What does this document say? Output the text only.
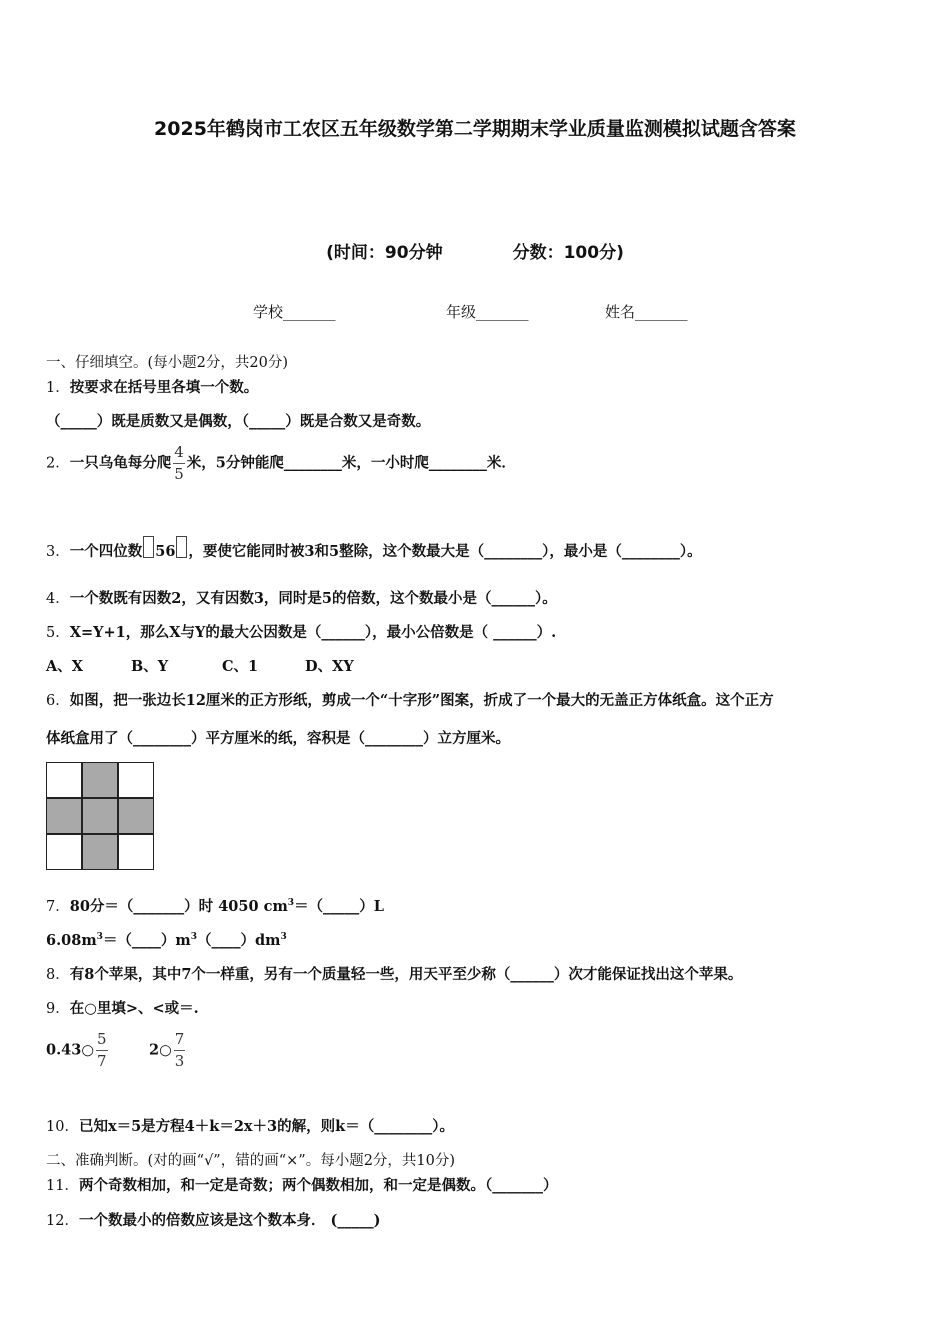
2025年鹤岗市工农区五年级数学第二学期期末学业质量监测模拟试题含答案
(时间：90分钟	分数：100分)
学校_______	年级_______	姓名_______
一、仔细填空。(每小题2分，共20分)
1．按要求在括号里各填一个数。
（_____）既是质数又是偶数，（_____）既是合数又是奇数。
2．一只乌龟每分爬 $\frac{4}{5}$ 米，5分钟能爬________米，一小时爬________米．
3．一个四位数 56 ，要使它能同时被3和5整除，这个数最大是（________），最小是（________）。
4．一个数既有因数2，又有因数3，同时是5的倍数，这个数最小是（______）。
5．X=Y+1，那么X与Y的最大公因数是（______），最小公倍数是（ ______）.
A、X	B、Y	C、1	D、XY
6．如图，把一张边长12厘米的正方形纸，剪成一个“十字形”图案，折成了一个最大的无盖正方体纸盒。这个正方
体纸盒用了（________）平方厘米的纸，容积是（________）立方厘米。
7．80分＝（_______）时 4050 $cm^3=(\_\_\_\_\_)L$
$6.08m^3=(\_\_\_\_)m^3(\_\_\_\_)dm^3$
8．有8个苹果，其中7个一样重，另有一个质量轻一些，用天平至少称（______）次才能保证找出这个苹果。
9．在○里填>、<或＝.
0.43○ $\frac{5}{7}$	2○ $\frac{7}{3}$
10．已知x＝5是方程4＋k＝2x＋3的解，则k＝（________）。
二、准确判断。(对的画“√”，错的画“×”。每小题2分，共10分)
11．两个奇数相加，和一定是奇数；两个偶数相加，和一定是偶数。（_______）
12．一个数最小的倍数应该是这个数本身． (_____)
